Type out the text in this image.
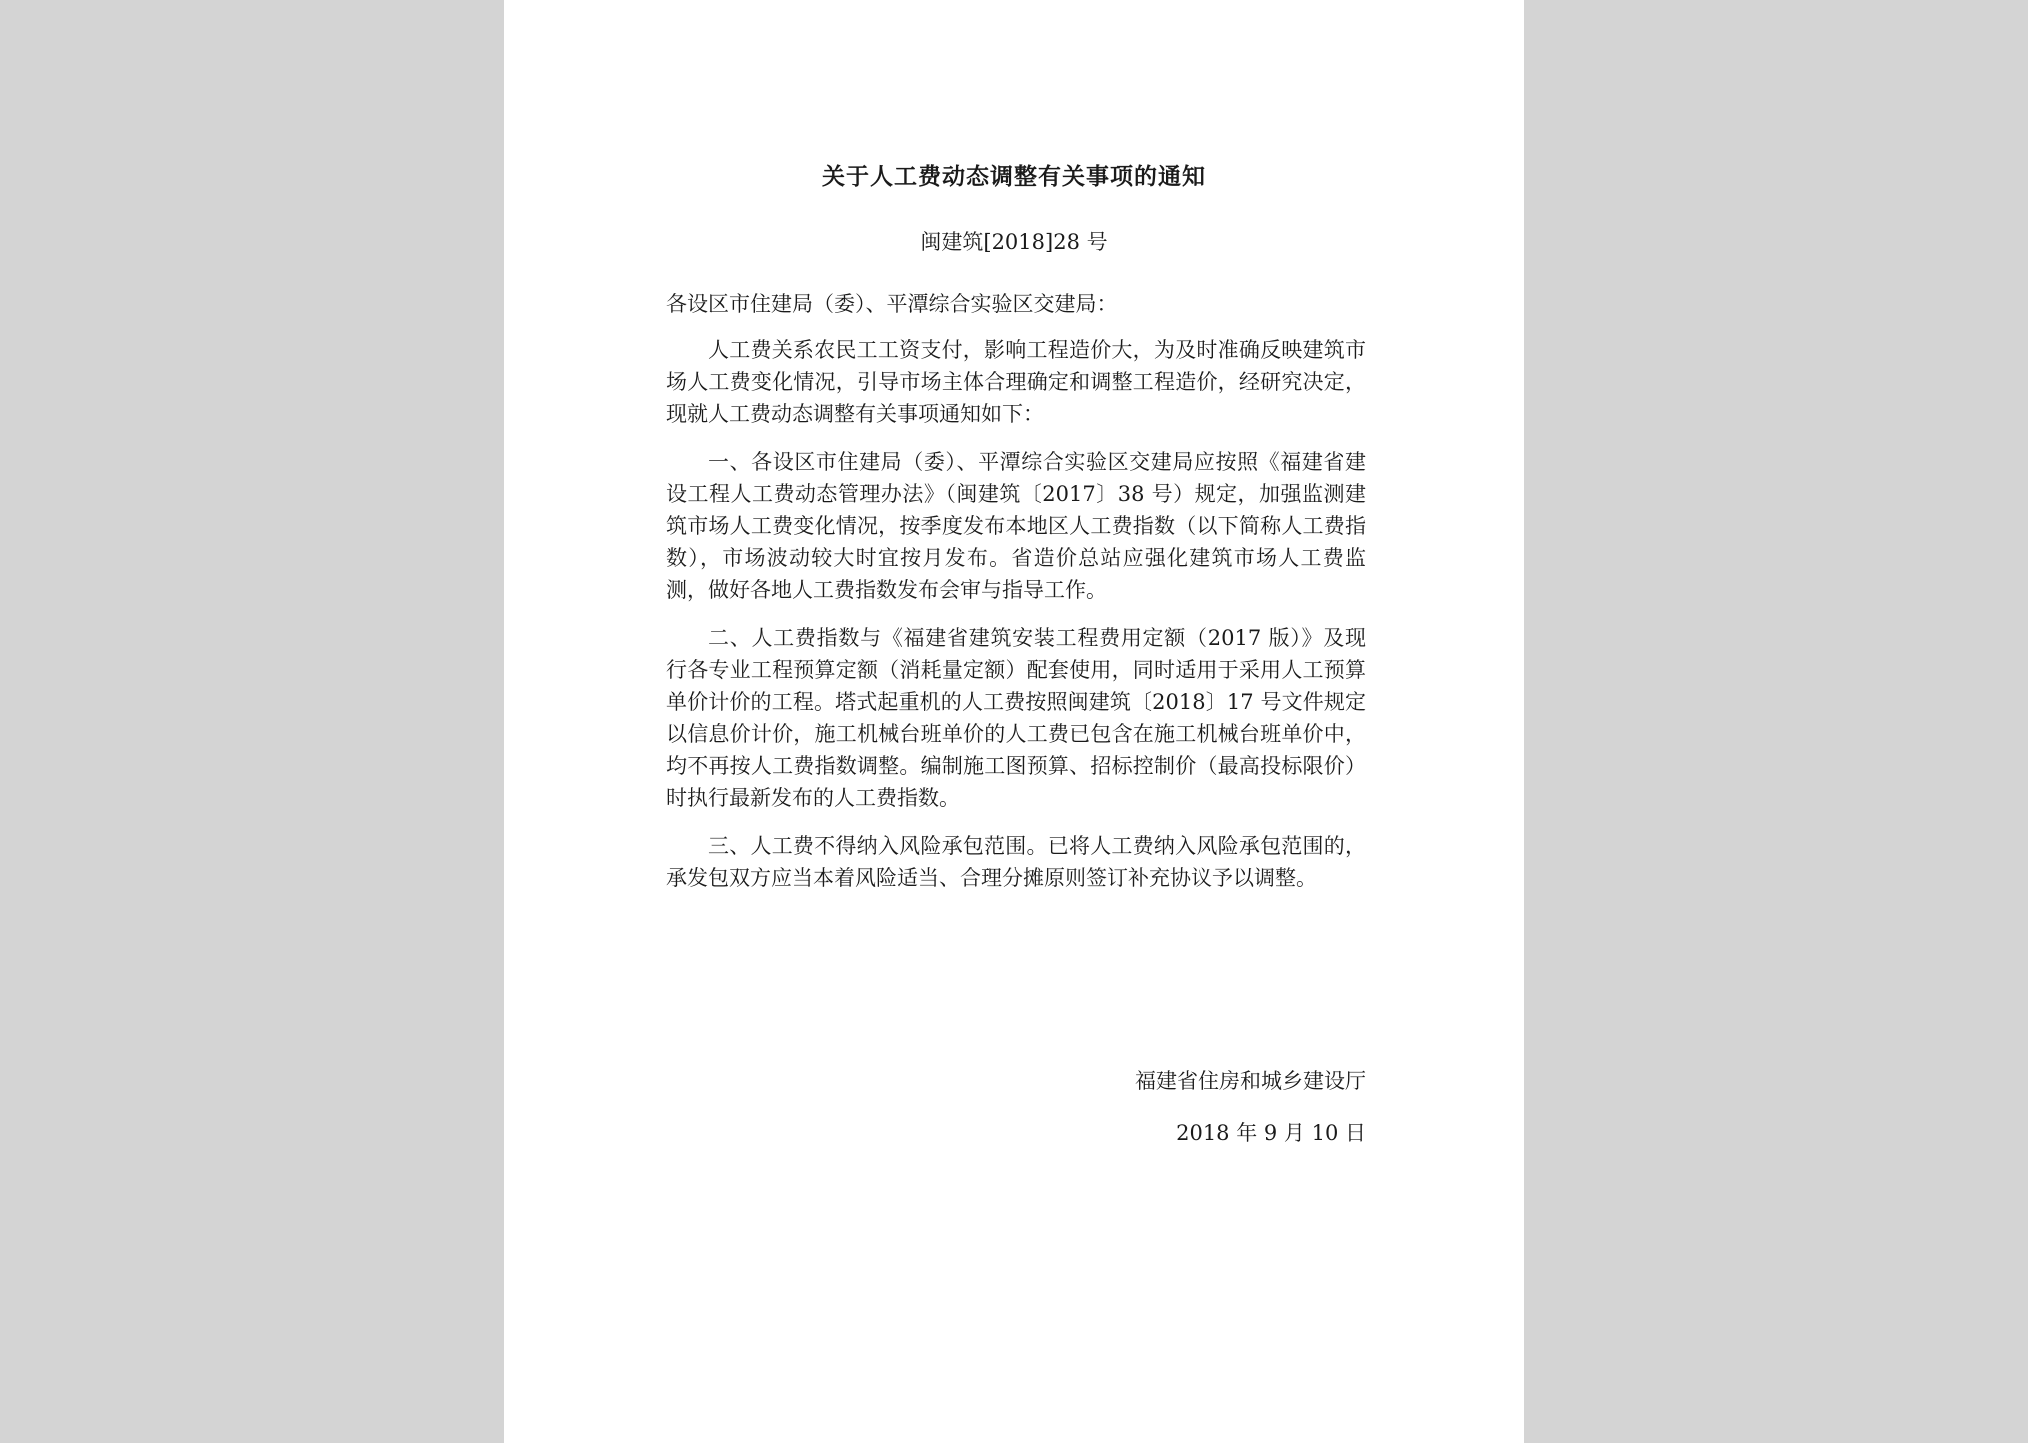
关于人工费动态调整有关事项的通知

闽建筑[2018]28 号

各设区市住建局（委）、平潭综合实验区交建局：

人工费关系农民工工资支付，影响工程造价大，为及时准确反映建筑市场人工费变化情况，引导市场主体合理确定和调整工程造价，经研究决定，现就人工费动态调整有关事项通知如下：

一、各设区市住建局（委）、平潭综合实验区交建局应按照《福建省建设工程人工费动态管理办法》（闽建筑〔2017〕38 号）规定，加强监测建筑市场人工费变化情况，按季度发布本地区人工费指数（以下简称人工费指数），市场波动较大时宜按月发布。省造价总站应强化建筑市场人工费监测，做好各地人工费指数发布会审与指导工作。

二、人工费指数与《福建省建筑安装工程费用定额（2017 版）》及现行各专业工程预算定额（消耗量定额）配套使用，同时适用于采用人工预算单价计价的工程。塔式起重机的人工费按照闽建筑〔2018〕17 号文件规定以信息价计价，施工机械台班单价的人工费已包含在施工机械台班单价中，均不再按人工费指数调整。编制施工图预算、招标控制价（最高投标限价）时执行最新发布的人工费指数。

三、人工费不得纳入风险承包范围。已将人工费纳入风险承包范围的，承发包双方应当本着风险适当、合理分摊原则签订补充协议予以调整。

福建省住房和城乡建设厅

2018 年 9 月 10 日
